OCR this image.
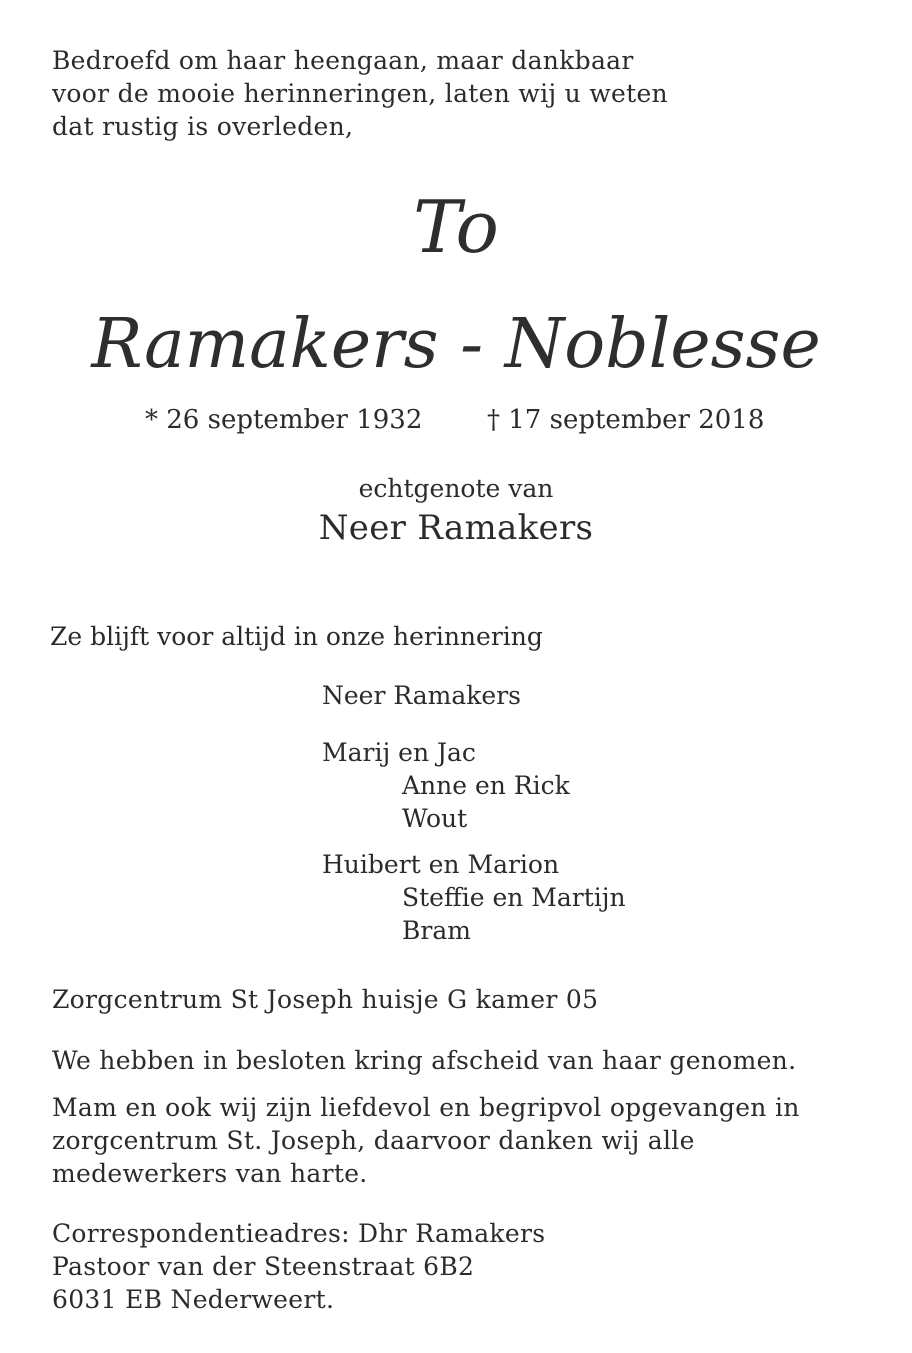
Bedroefd om haar heengaan, maar dankbaar
voor de mooie herinneringen, laten wij u weten
dat rustig is overleden,
To
Ramakers - Noblesse
* 26 september 1932 † 17 september 2018
echtgenote van
Neer Ramakers
Ze blijft voor altijd in onze herinnering
Neer Ramakers
Marij en Jac
Anne en Rick
Wout
Huibert en Marion
Steffie en Martijn
Bram
Zorgcentrum St Joseph huisje G kamer 05
We hebben in besloten kring afscheid van haar genomen.
Mam en ook wij zijn liefdevol en begripvol opgevangen in
zorgcentrum St. Joseph, daarvoor danken wij alle
medewerkers van harte.
Correspondentieadres: Dhr Ramakers
Pastoor van der Steenstraat 6B2
6031 EB Nederweert.
